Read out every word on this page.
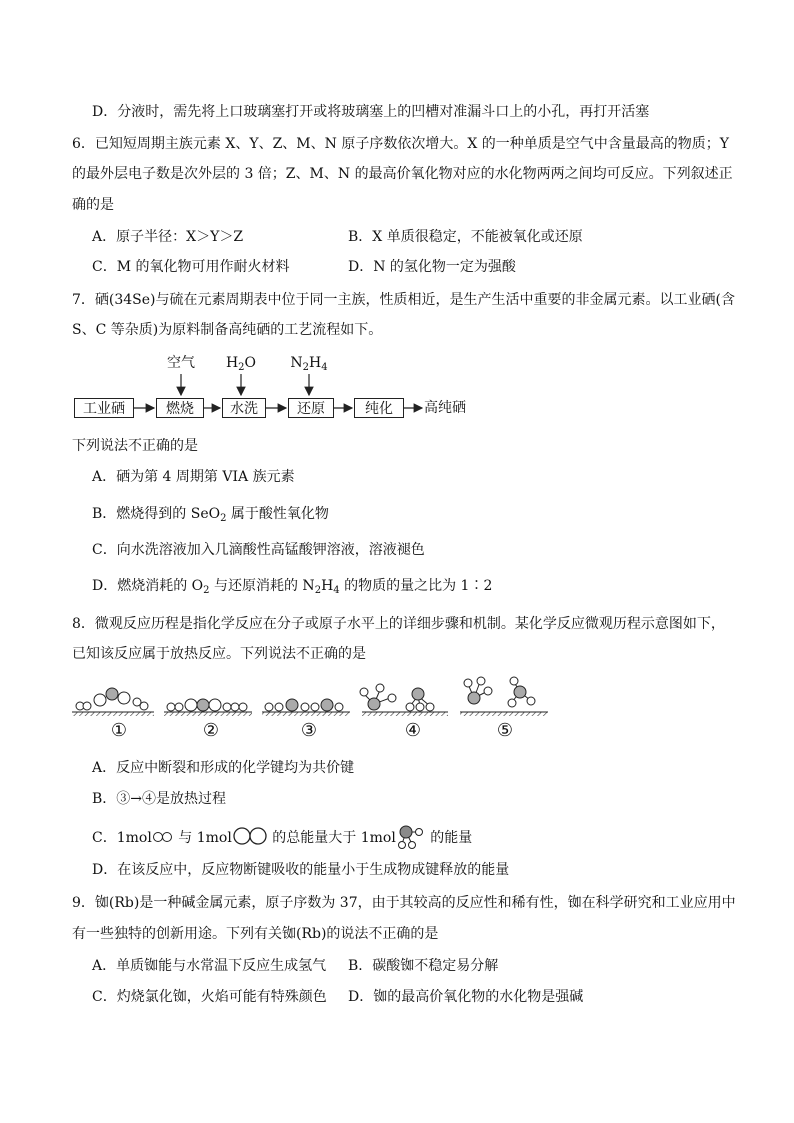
D．分液时，需先将上口玻璃塞打开或将玻璃塞上的凹槽对准漏斗口上的小孔，再打开活塞
6．已知短周期主族元素 X、Y、Z、M、N 原子序数依次增大。X 的一种单质是空气中含量最高的物质；Y
的最外层电子数是次外层的 3 倍；Z、M、N 的最高价氧化物对应的水化物两两之间均可反应。下列叙述正
确的是
A．原子半径：X＞Y＞Z	B．X 单质很稳定，不能被氧化或还原
C．M 的氧化物可用作耐火材料	D．N 的氢化物一定为强酸
7．硒(34Se)与硫在元素周期表中位于同一主族，性质相近，是生产生活中重要的非金属元素。以工业硒(含
S、C 等杂质)为原料制备高纯硒的工艺流程如下。
空气 $H_2O$ $N_2H_4$
工业硒	燃烧	水洗	还原	纯化	高纯硒
下列说法不正确的是
A．硒为第 4 周期第 VIA 族元素
B．燃烧得到的 SeO$_2$ 属于酸性氧化物
C．向水洗溶液加入几滴酸性高锰酸钾溶液，溶液褪色
D．燃烧消耗的 $O_2$ 与还原消耗的 $N_2H_4$ 的物质的量之比为 1∶2
8．微观反应历程是指化学反应在分子或原子水平上的详细步骤和机制。某化学反应微观历程示意图如下，
已知该反应属于放热反应。下列说法不正确的是
①	②	③	④	⑤
A．反应中断裂和形成的化学键均为共价键
B．③→④是放热过程
C．1mol 与 1mol	的总能量大于 1mol 的能量
D．在该反应中，反应物断键吸收的能量小于生成物成键释放的能量
9．铷(Rb)是一种碱金属元素，原子序数为 37，由于其较高的反应性和稀有性，铷在科学研究和工业应用中
有一些独特的创新用途。下列有关铷(Rb)的说法不正确的是
A．单质铷能与水常温下反应生成氢气 B．碳酸铷不稳定易分解
C．灼烧氯化铷，火焰可能有特殊颜色 D．铷的最高价氧化物的水化物是强碱
